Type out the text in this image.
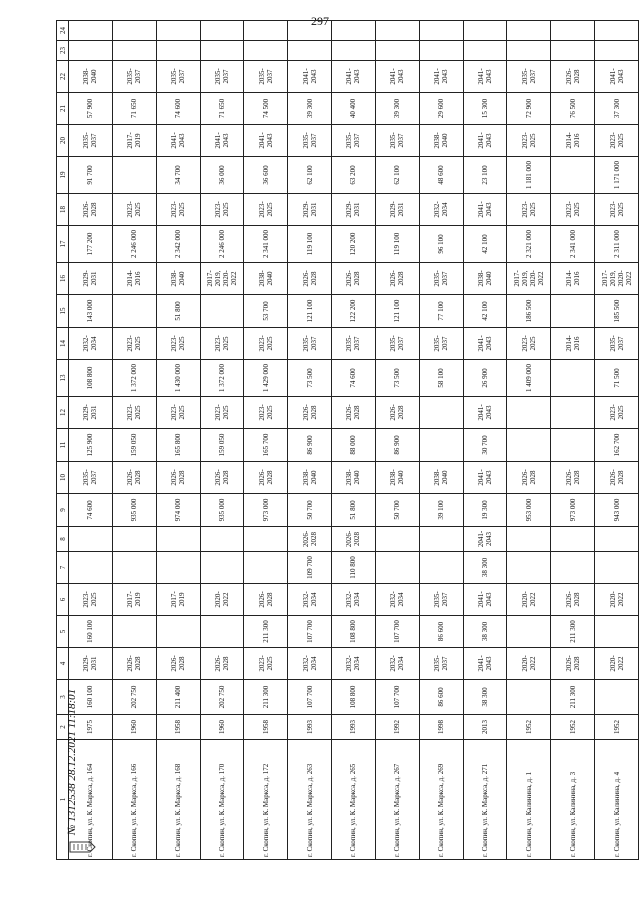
297
1	2	3	4	5	6	7	8	9	10	11	12	13	14	15	16	17	18	19	20	21	22	23	24
г. Скопин, ул. К. Маркса, д. 164	1975	160 100	2029-2031	160 100	2023-2025			74 600	2035-2037	125 900	2029-2031	108 800	2032-2034	143 000	2029-2031	177 200	2026-2028	91 700	2035-2037	57 900	2038-2040		
г. Скопин, ул. К. Маркса, д. 166	1960	202 750	2026-2028		2017-2019			935 000	2026-2028	159 050	2023-2025	1 372 000	2023-2025		2014-2016	2 246 000	2023-2025		2017-2019	71 650	2035-2037		
г. Скопин, ул. К. Маркса, д. 168	1958	211 400	2026-2028		2017-2019			974 000	2026-2028	165 800	2023-2025	1 430 000	2023-2025	51 800	2038-2040	2 342 000	2023-2025	34 700	2041-2043	74 600	2035-2037		
г. Скопин, ул. К. Маркса, д. 170	1960	202 750	2026-2028		2020-2022			935 000	2026-2028	159 050	2023-2025	1 372 000	2023-2025		2017-2019, 2020-2022	2 246 000	2023-2025	36 000	2041-2043	71 650	2035-2037		
г. Скопин, ул. К. Маркса, д. 172	1958	211 300	2023-2025	211 300	2026-2028			973 000	2026-2028	165 700	2023-2025	1 429 000	2023-2025	53 700	2038-2040	2 341 000	2023-2025	36 600	2041-2043	74 500	2035-2037		
г. Скопин, ул. К. Маркса, д. 263	1993	107 700	2032-2034	107 700	2032-2034	109 700	2026-2028	50 700	2038-2040	86 900	2026-2028	73 500	2035-2037	121 100	2026-2028	119 100	2029-2031	62 100	2035-2037	39 300	2041-2043		
г. Скопин, ул. К. Маркса, д. 265	1993	108 800	2032-2034	108 800	2032-2034	110 800	2026-2028	51 800	2038-2040	88 000	2026-2028	74 600	2035-2037	122 200	2026-2028	120 200	2029-2031	63 200	2035-2037	40 400	2041-2043		
г. Скопин, ул. К. Маркса, д. 267	1992	107 700	2032-2034	107 700	2032-2034			50 700	2038-2040	86 900	2026-2028	73 500	2035-2037	121 100	2026-2028	119 100	2029-2031	62 100	2035-2037	39 300	2041-2043		
г. Скопин, ул. К. Маркса, д. 269	1998	86 600	2035-2037	86 600	2035-2037			39 100	2038-2040			58 100	2035-2037	77 100	2035-2037	96 100	2032-2034	48 600	2038-2040	29 600	2041-2043		
г. Скопин, ул. К. Маркса, д. 271	2013	38 300	2041-2043	38 300	2041-2043	38 300	2041-2043	19 300	2041-2043	30 700	2041-2043	26 900	2041-2043	42 100	2038-2040	42 100	2041-2043	23 100	2041-2043	15 300	2041-2043		
г. Скопин, ул. Калинина, д. 1	1952		2020-2022		2020-2022			953 000	2026-2028			1 409 000	2023-2025	186 500	2017-2019, 2020-2022	2 321 000	2023-2025	1 181 000	2023-2025	72 900	2035-2037		
г. Скопин, ул. Калинина, д. 3	1952	211 300	2026-2028	211 300	2026-2028			973 000	2026-2028				2014-2016		2014-2016	2 341 000	2023-2025		2014-2016	76 500	2026-2028		
г. Скопин, ул. Калинина, д. 4	1952		2020-2022		2020-2022			943 000	2026-2028	162 700	2023-2025	71 500	2035-2037	185 500	2017-2019, 2020-2022	2 311 000	2023-2025	1 171 000	2023-2025	37 300	2041-2043		
№ 1312538 28.12.2021 11:18:01
